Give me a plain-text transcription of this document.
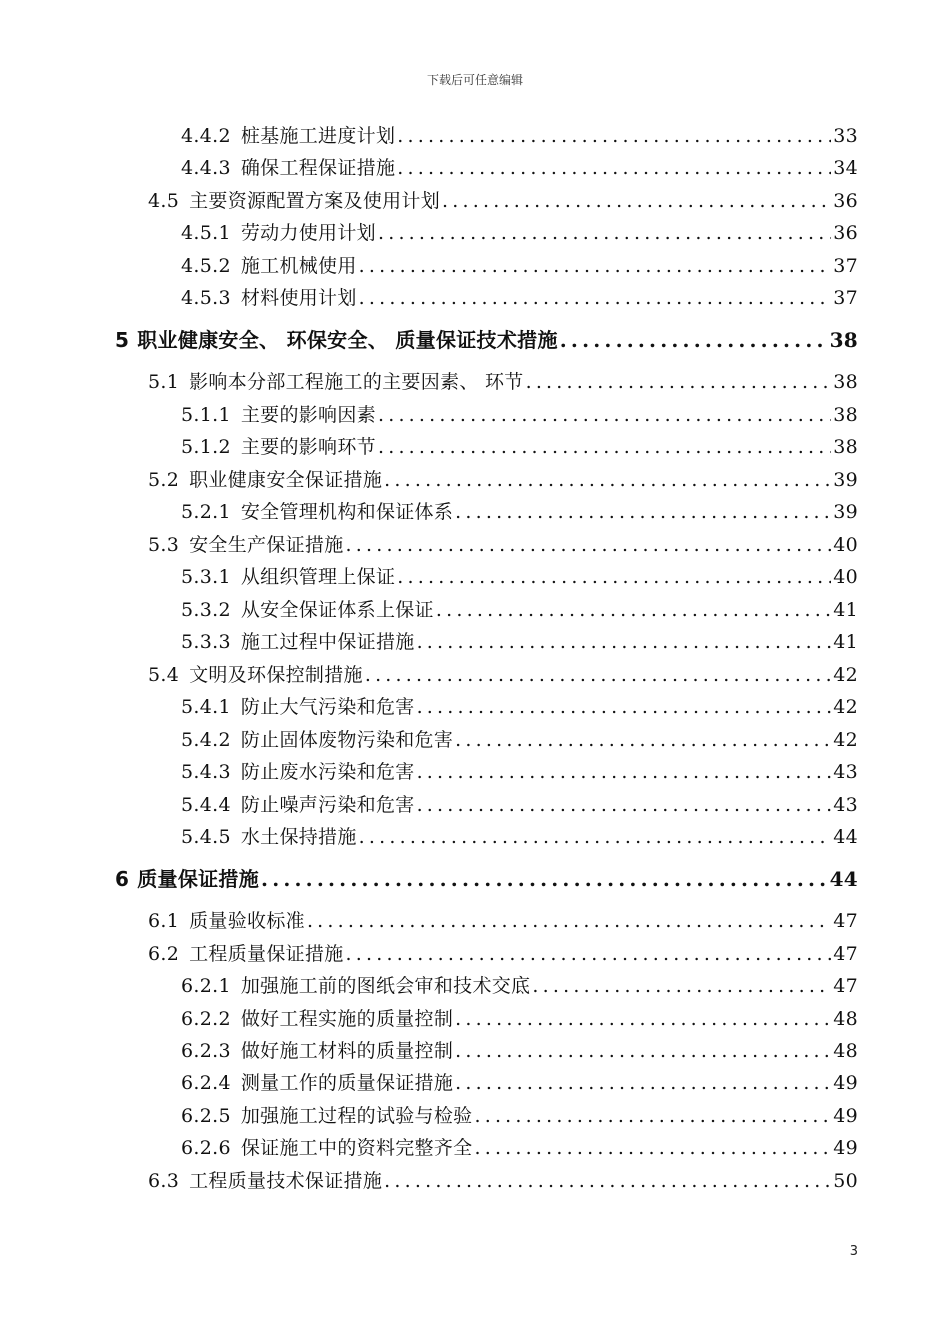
下载后可任意编辑
4.4.2 桩基施工进度计划 .....	33
4.4.3 确保工程保证措施 .....	34
4.5 主要资源配置方案及使用计划 .....	36
4.5.1 劳动力使用计划 .....	36
4.5.2 施工机械使用 .....	37
4.5.3 材料使用计划 .....	37
5 职业健康安全、 环保安全、 质量保证技术措施 .....	38
5.1 影响本分部工程施工的主要因素、 环节 .....	38
5.1.1 主要的影响因素 .....	38
5.1.2 主要的影响环节 .....	38
5.2 职业健康安全保证措施 .....	39
5.2.1 安全管理机构和保证体系 .....	39
5.3 安全生产保证措施 .....	40
5.3.1 从组织管理上保证 .....	40
5.3.2 从安全保证体系上保证 .....	41
5.3.3 施工过程中保证措施 .....	41
5.4 文明及环保控制措施 .....	42
5.4.1 防止大气污染和危害 .....	42
5.4.2 防止固体废物污染和危害 .....	42
5.4.3 防止废水污染和危害 .....	43
5.4.4 防止噪声污染和危害 .....	43
5.4.5 水土保持措施 .....	44
6 质量保证措施 .....	44
6.1 质量验收标准 .....	47
6.2 工程质量保证措施 .....	47
6.2.1 加强施工前的图纸会审和技术交底 .....	47
6.2.2 做好工程实施的质量控制 .....	48
6.2.3 做好施工材料的质量控制 .....	48
6.2.4 测量工作的质量保证措施 .....	49
6.2.5 加强施工过程的试验与检验 .....	49
6.2.6 保证施工中的资料完整齐全 .....	49
6.3 工程质量技术保证措施 .....	50
3
